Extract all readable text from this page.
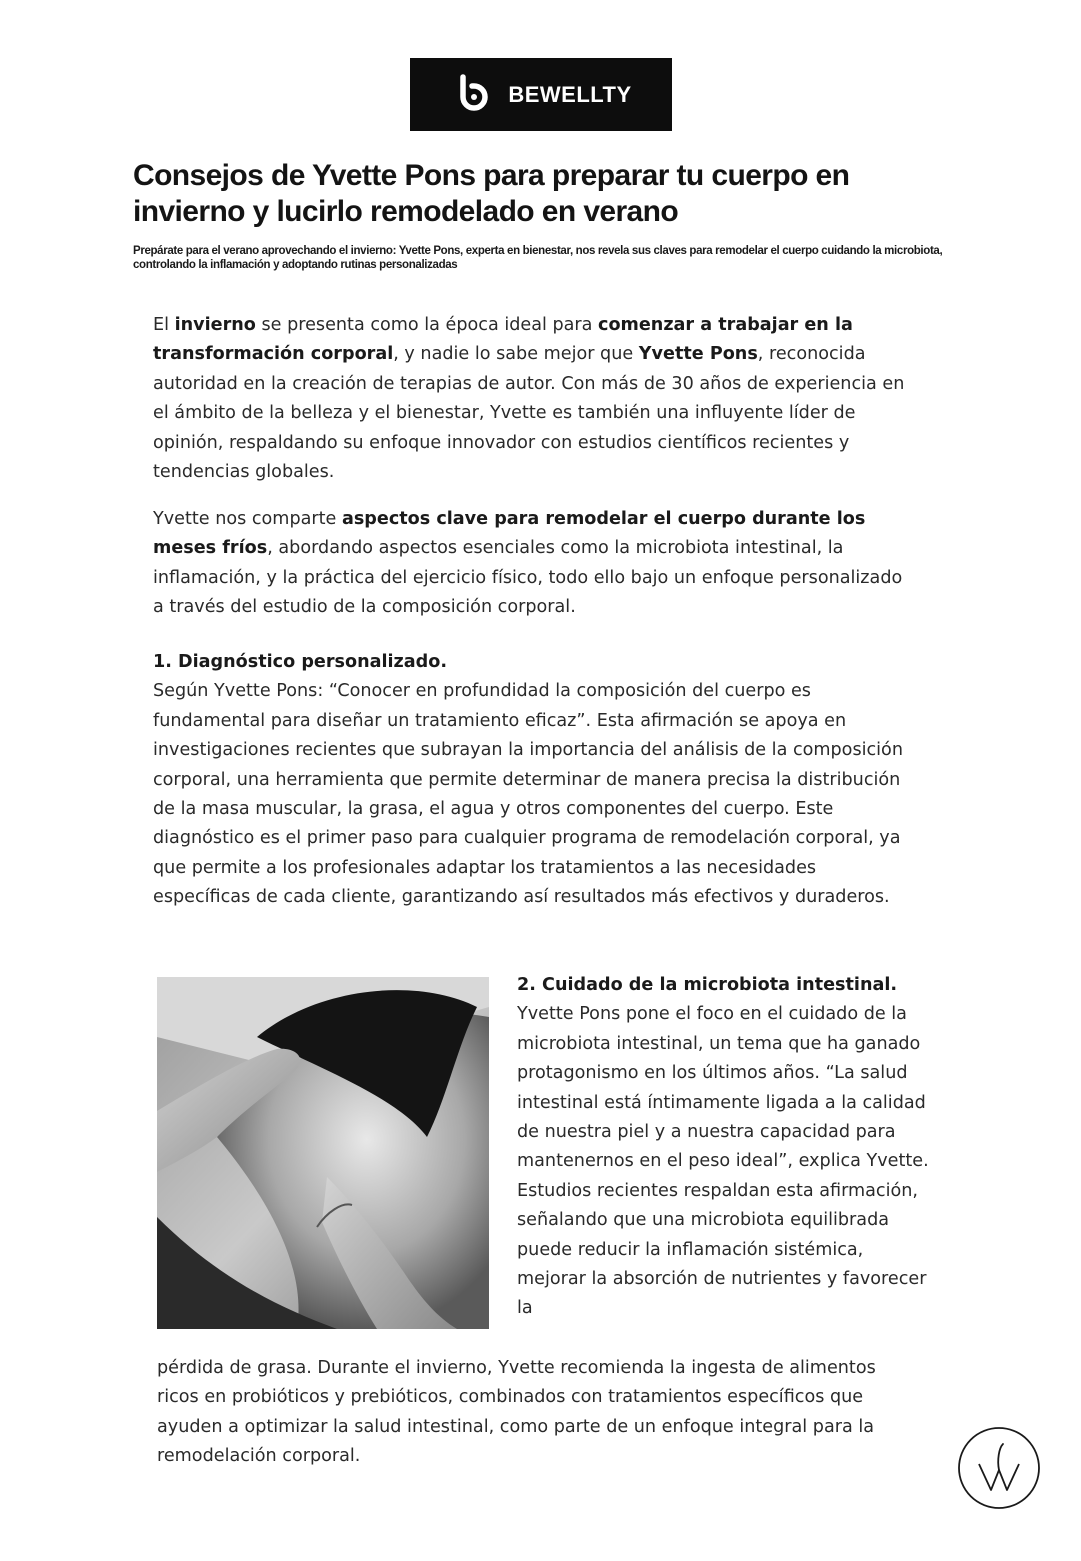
BEWELLTY
Consejos de Yvette Pons para preparar tu cuerpo en invierno y lucirlo remodelado en verano

Prepárate para el verano aprovechando el invierno: Yvette Pons, experta en bienestar, nos revela sus claves para remodelar el cuerpo cuidando la microbiota, controlando la inflamación y adoptando rutinas personalizadas

El invierno se presenta como la época ideal para comenzar a trabajar en la transformación corporal, y nadie lo sabe mejor que Yvette Pons, reconocida autoridad en la creación de terapias de autor. Con más de 30 años de experiencia en el ámbito de la belleza y el bienestar, Yvette es también una influyente líder de opinión, respaldando su enfoque innovador con estudios científicos recientes y tendencias globales.

Yvette nos comparte aspectos clave para remodelar el cuerpo durante los meses fríos, abordando aspectos esenciales como la microbiota intestinal, la inflamación, y la práctica del ejercicio físico, todo ello bajo un enfoque personalizado a través del estudio de la composición corporal.

1. Diagnóstico personalizado.
Según Yvette Pons: “Conocer en profundidad la composición del cuerpo es fundamental para diseñar un tratamiento eficaz”. Esta afirmación se apoya en investigaciones recientes que subrayan la importancia del análisis de la composición corporal, una herramienta que permite determinar de manera precisa la distribución de la masa muscular, la grasa, el agua y otros componentes del cuerpo. Este diagnóstico es el primer paso para cualquier programa de remodelación corporal, ya que permite a los profesionales adaptar los tratamientos a las necesidades específicas de cada cliente, garantizando así resultados más efectivos y duraderos.
2. Cuidado de la microbiota intestinal.
Yvette Pons pone el foco en el cuidado de la microbiota intestinal, un tema que ha ganado protagonismo en los últimos años. “La salud intestinal está íntimamente ligada a la calidad de nuestra piel y a nuestra capacidad para mantenernos en el peso ideal”, explica Yvette. Estudios recientes respaldan esta afirmación, señalando que una microbiota equilibrada puede reducir la inflamación sistémica, mejorar la absorción de nutrientes y favorecer la

pérdida de grasa. Durante el invierno, Yvette recomienda la ingesta de alimentos ricos en probióticos y prebióticos, combinados con tratamientos específicos que ayuden a optimizar la salud intestinal, como parte de un enfoque integral para la remodelación corporal.
